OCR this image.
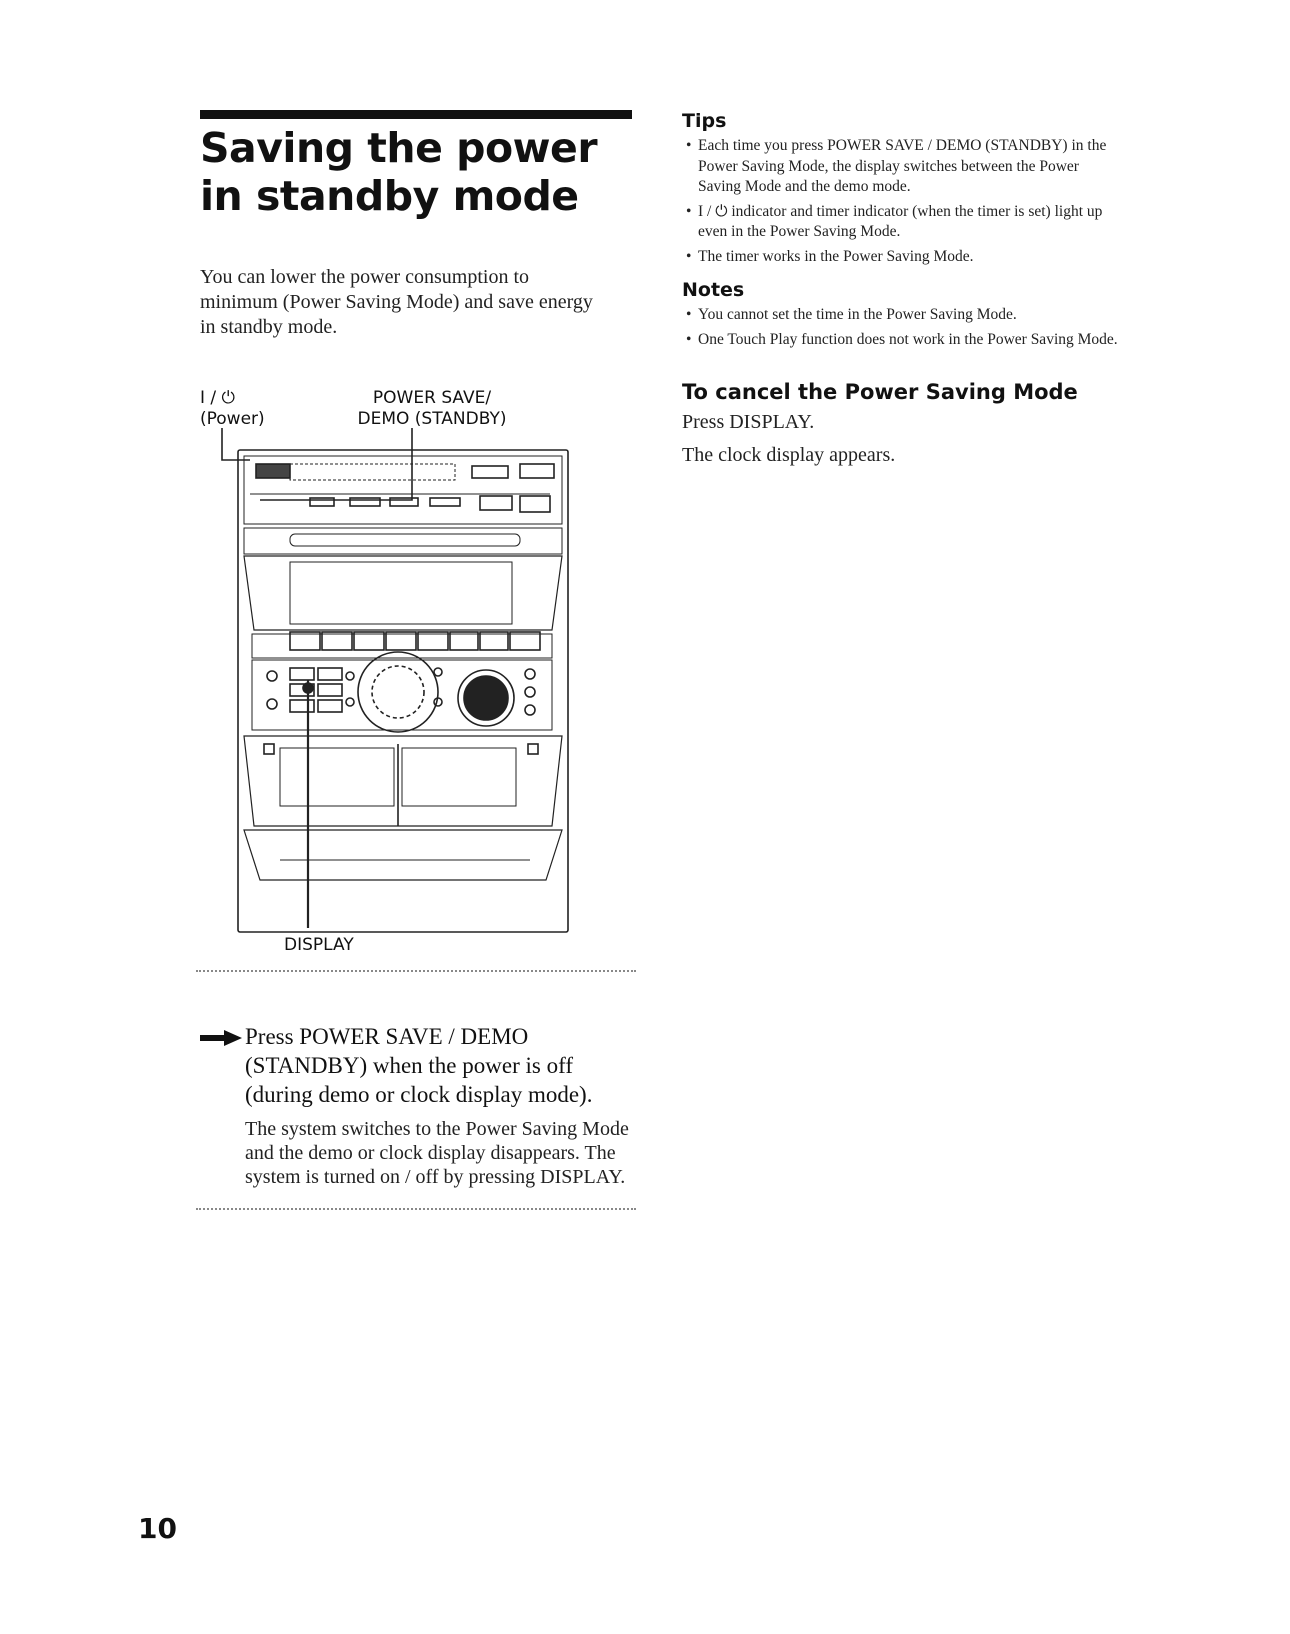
Saving the power in standby mode
You can lower the power consumption to minimum (Power Saving Mode) and save energy in standby mode.
I / ⏻
(Power)
POWER SAVE/
DEMO (STANDBY)
DISPLAY

Press POWER SAVE / DEMO (STANDBY) when the power is off (during demo or clock display mode).

The system switches to the Power Saving Mode and the demo or clock display disappears. The system is turned on / off by pressing DISPLAY.
Tips
• Each time you press POWER SAVE / DEMO (STANDBY) in the Power Saving Mode, the display switches between the Power Saving Mode and the demo mode.
• I / ⏻ indicator and timer indicator (when the timer is set) light up even in the Power Saving Mode.
• The timer works in the Power Saving Mode.
Notes
• You cannot set the time in the Power Saving Mode.
• One Touch Play function does not work in the Power Saving Mode.
To cancel the Power Saving Mode

Press DISPLAY.

The clock display appears.

10
